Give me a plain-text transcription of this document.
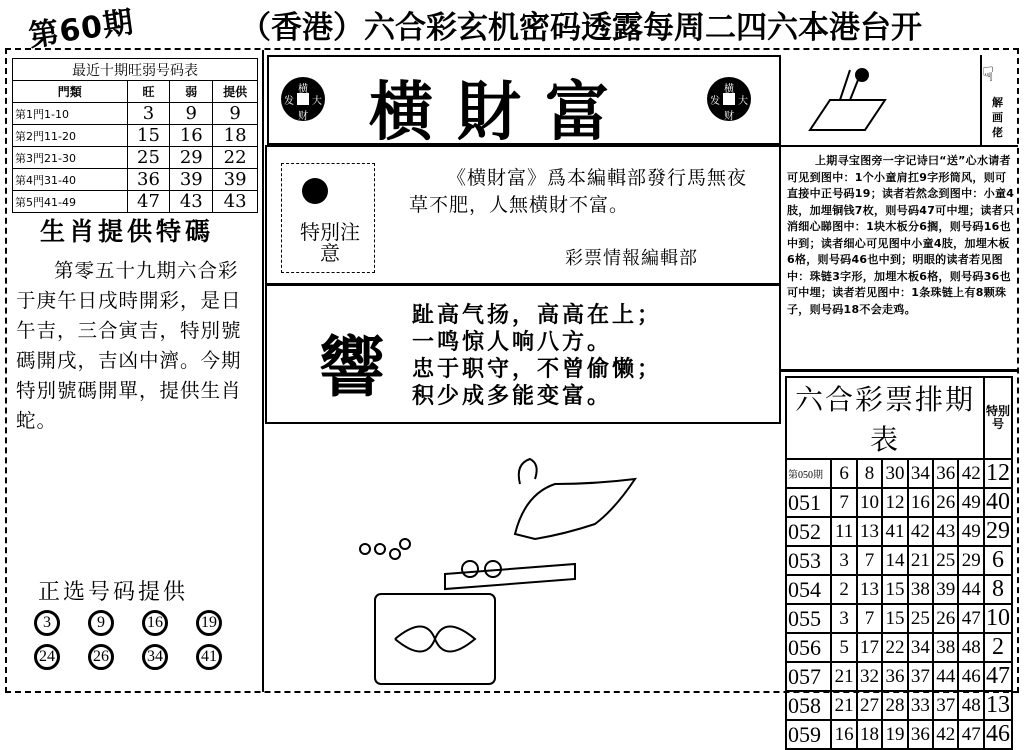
第60期	（香港）六合彩玄机密码透露每周二四六本港台开
最近十期旺弱号码表			
門類	旺	弱	提供
第1門1-10	3	9	9
第2門11-20	15	16	18
第3門21-30	25	29	22
第4門31-40	36	39	39
第5門41-49	47	43	43
生肖提供特碼
第零五十九期六合彩于庚午日戌時開彩，是日午吉，三合寅吉，特別號碼開戌，吉凶中濟。今期特別號碼開單，提供生肖蛇。
正选号码提供
3	9	16	19
24	26	34	41
横
大
财
发 横財富	横
大
财
发
特別注意
《横財富》爲本編輯部發行馬無夜草不肥，人無横財不富。
彩票情報編輯部
響
趾高气扬，高高在上；
一鸣惊人响八方。
忠于职守，不曾偷懒；
积少成多能变富。
☟
解画佬
上期寻宝图旁一字记诗曰“送”心水请者可见到图中：1个小童肩扛9字形筒风，则可直接中正号码19；读者若然念到图中：小童4肢，加埋铜钱7枚，则号码47可中埋；读者只消细心睇图中：1块木板分6搁，则号码16也中到；读者细心可见图中小童4肢，加埋木板6格，则号码46也中到；明眼的读者若见图中：珠链3字形，加埋木板6格，则号码36也可中埋；读者若见图中：1条珠链上有8颗珠子，则号码18不会走鸡。
六合彩票排期表							特别号
第050期	6	8	30	34	36	42	12
051	7	10	12	16	26	49	40
052	11	13	41	42	43	49	29
053	3	7	14	21	25	29	6
054	2	13	15	38	39	44	8
055	3	7	15	25	26	47	10
056	5	17	22	34	38	48	2
057	21	32	36	37	44	46	47
058	21	27	28	33	37	48	13
059	16	18	19	36	42	47	46
